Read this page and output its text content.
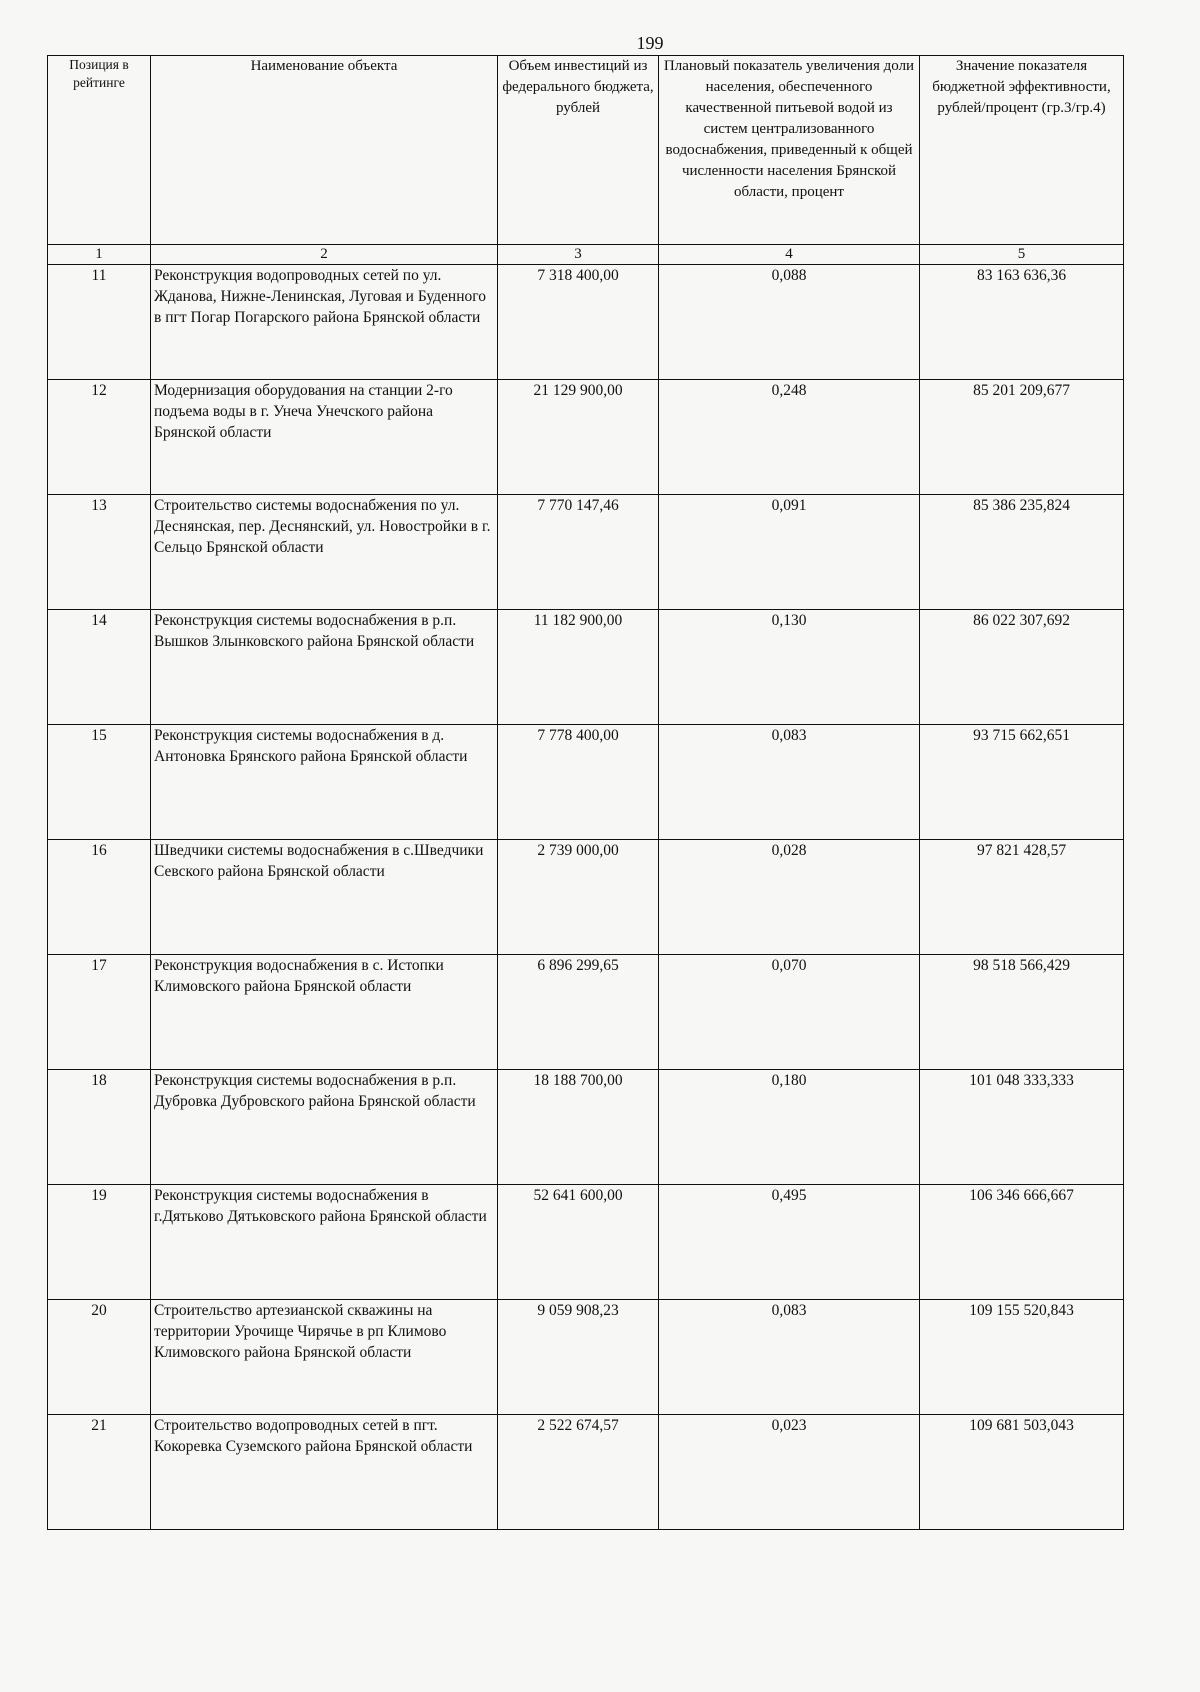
199
Позиция в рейтинге	Наименование объекта	Объем инвестиций из федерального бюджета, рублей	Плановый показатель увеличения доли населения, обеспеченного качественной питьевой водой из систем централизованного водоснабжения, приведенный к общей численности населения Брянской области, процент	Значение показателя бюджетной эффективности, рублей/процент (гр.3/гр.4)
1	2	3	4	5
11	Реконструкция водопроводных сетей по ул. Жданова, Нижне-Ленинская, Луговая и Буденного в пгт Погар Погарского района Брянской области	7 318 400,00	0,088	83 163 636,36
12	Модернизация оборудования на станции 2-го подъема воды в г. Унеча Унечского района Брянской области	21 129 900,00	0,248	85 201 209,677
13	Строительство системы водоснабжения по ул. Деснянская, пер. Деснянский, ул. Новостройки в г. Сельцо Брянской области	7 770 147,46	0,091	85 386 235,824
14	Реконструкция системы водоснабжения в р.п. Вышков Злынковского района Брянской области	11 182 900,00	0,130	86 022 307,692
15	Реконструкция системы водоснабжения в д. Антоновка Брянского района Брянской области	7 778 400,00	0,083	93 715 662,651
16	Шведчики системы водоснабжения в с.Шведчики Севского района Брянской области	2 739 000,00	0,028	97 821 428,57
17	Реконструкция водоснабжения в с. Истопки Климовского района Брянской области	6 896 299,65	0,070	98 518 566,429
18	Реконструкция системы водоснабжения в р.п. Дубровка Дубровского района Брянской области	18 188 700,00	0,180	101 048 333,333
19	Реконструкция системы водоснабжения в г.Дятьково Дятьковского района Брянской области	52 641 600,00	0,495	106 346 666,667
20	Строительство артезианской скважины на территории Урочище Чирячье в рп Климово Климовского района Брянской области	9 059 908,23	0,083	109 155 520,843
21	Строительство водопроводных сетей в пгт. Кокоревка Суземского района Брянской области	2 522 674,57	0,023	109 681 503,043
